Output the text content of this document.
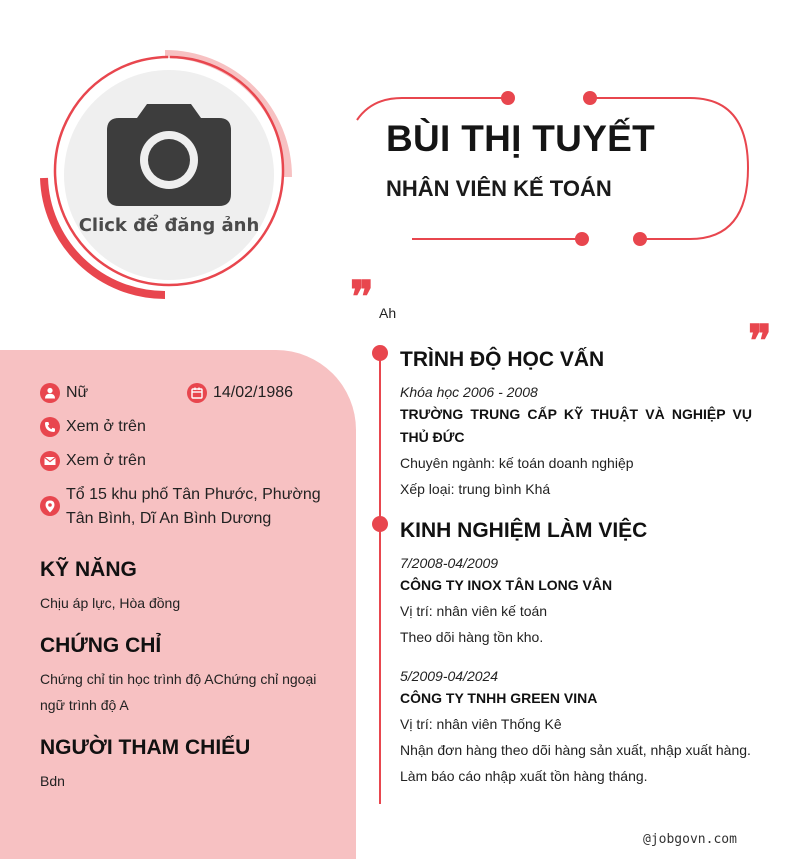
Click để đăng ảnh
BÙI THỊ TUYẾT
NHÂN VIÊN KẾ TOÁN
❞ Ah
❞
Nữ	14/02/1986
Xem ở trên
Xem ở trên
Tổ 15 khu phố Tân Phước, Phường Tân Bình, Dĩ An Bình Dương
KỸ NĂNG
Chịu áp lực, Hòa đồng
CHỨNG CHỈ
Chứng chỉ tin học trình độ AChứng chỉ ngoại ngữ trình độ A
NGƯỜI THAM CHIẾU
Bdn
TRÌNH ĐỘ HỌC VẤN
Khóa học 2006 - 2008
TRƯỜNG TRUNG CẤP KỸ THUẬT VÀ NGHIỆP VỤ THỦ ĐỨC
Chuyên ngành: kế toán doanh nghiệp
Xếp loại: trung bình Khá
KINH NGHIỆM LÀM VIỆC
7/2008-04/2009
CÔNG TY INOX TÂN LONG VÂN
Vị trí: nhân viên kế toán
Theo dõi hàng tồn kho.
5/2009-04/2024
CÔNG TY TNHH GREEN VINA
Vị trí: nhân viên Thống Kê
Nhận đơn hàng theo dõi hàng sản xuất, nhập xuất hàng.
Làm báo cáo nhập xuất tồn hàng tháng.
@jobgovn.com
